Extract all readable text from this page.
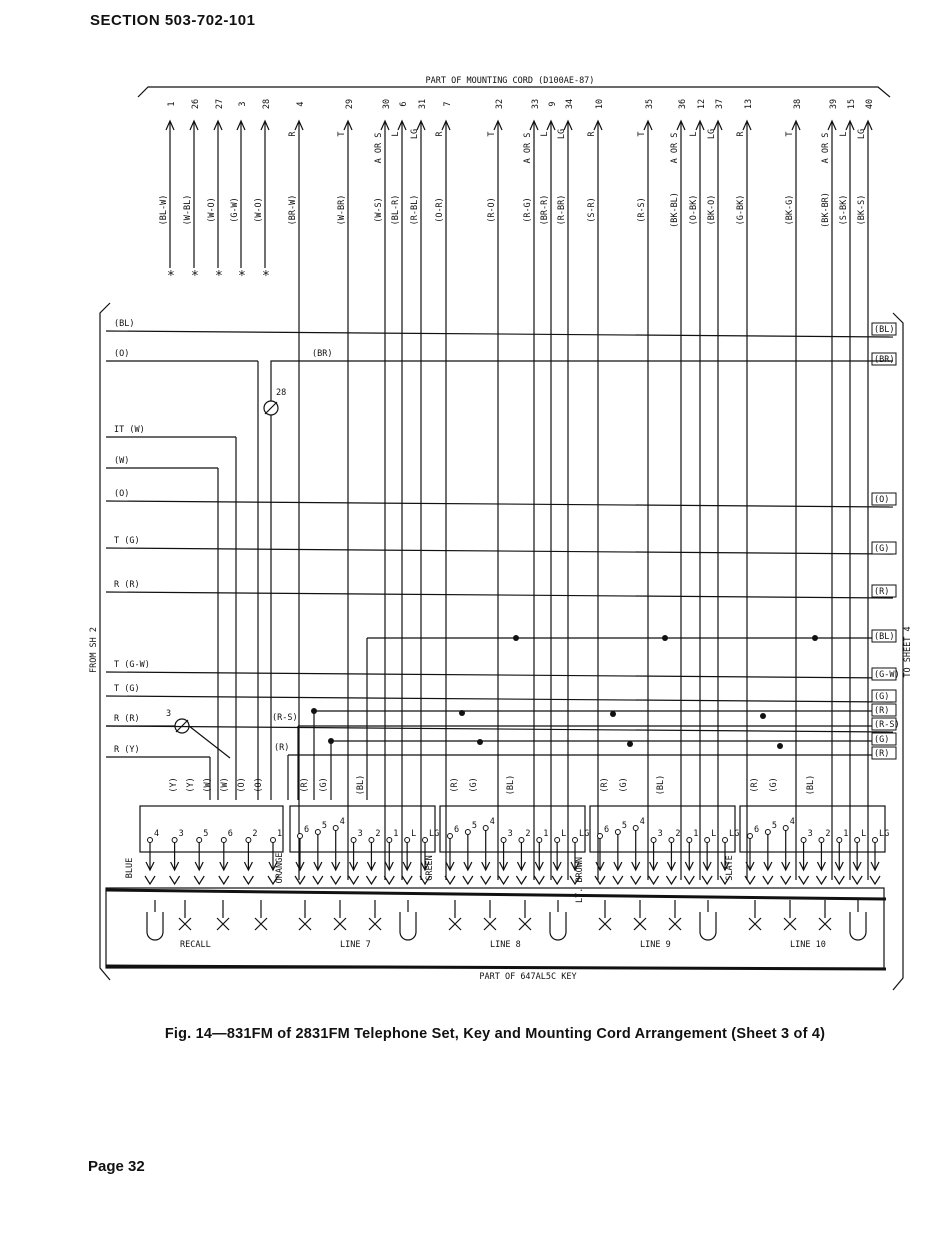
SECTION 503-702-101
PART OF MOUNTING CORD (D100AE-87)
FROM SH 2	TO SHEET 4
1
(BL-W)
*
26
(W-BL)
*
27
(W-O)
*
3
(G-W)
*
28
(W-O)
*
4
R
(BR-W)
29
T
(W-BR)
30
A OR S
(W-S)
6
L
(BL-R)
31
LG
(R-BL)
7
R
(O-R)
32
T
(R-O)
33
A OR S
(R-G)
9
L
(BR-R)
34
LG
(R-BR)
10
R
(S-R)
35
T
(R-S)
36
A OR S
(BK-BL)
12
L
(O-BK)
37
LG
(BK-O)
13
R
(G-BK)
38
T
(BK-G)
39
A OR S
(BK-BR)
15
L
(S-BK)
40
LG
(BK-S)
(BL)
(O)
IT (W)
(W)
(O)
T (G)
R (R)
T (G-W)
T (G)
R (R)
R (Y)
(BL)
(BR)
(O)
(G)
(R)
(BL)
(G-W)
(G)
(R)
(R-S)
(G)
(R)
(BR)
(R-S)
(R)
(Y) (Y) (W) (W) (O) (O)
4 3 5 6 2 1
BLUE
RECALL
(R) (G)	(BL)
6 5 4
3 2 1 L LG
ORANGE
LINE 7
(R) (G)	(BL)
6 5 4
3 2 1 L LG
GREEN
LINE 8
(R) (G)	(BL)
6 5 4
3 2 1 L LG
LT. BROWN
LINE 9
(R) (G)	(BL)
6 5 4
3 2 1 L LG
SLATE
LINE 10
PART OF 647AL5C KEY
28
3
Fig. 14—831FM of 2831FM Telephone Set, Key and Mounting Cord Arrangement (Sheet 3 of 4)
Page 32
